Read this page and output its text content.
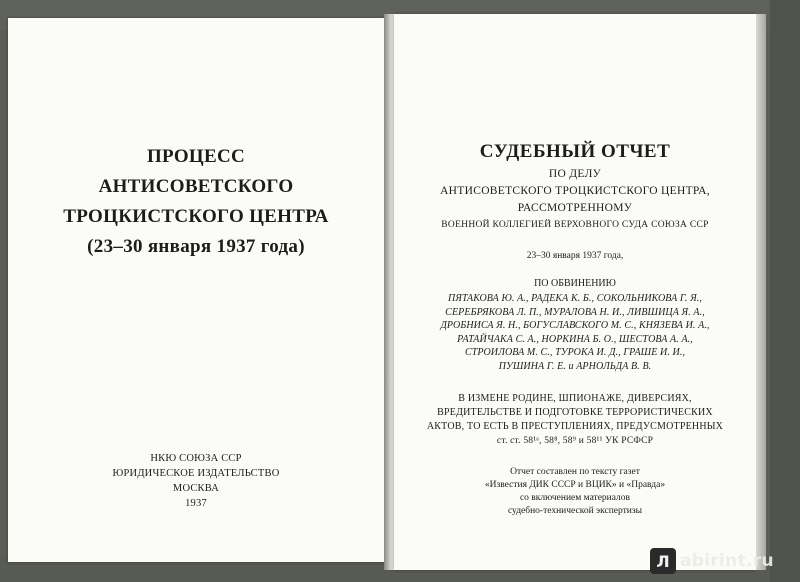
ПРОЦЕСС
АНТИСОВЕТСКОГО
ТРОЦКИСТСКОГО ЦЕНТРА
(23–30 января 1937 года)
НКЮ СОЮЗА ССР
ЮРИДИЧЕСКОЕ ИЗДАТЕЛЬСТВО
МОСКВА
1937
СУДЕБНЫЙ ОТЧЕТ
ПО ДЕЛУ
АНТИСОВЕТСКОГО ТРОЦКИСТСКОГО ЦЕНТРА,
РАССМОТРЕННОМУ
ВОЕННОЙ КОЛЛЕГИЕЙ ВЕРХОВНОГО СУДА СОЮЗА ССР
23–30 января 1937 года,
ПО ОБВИНЕНИЮ
ПЯТАКОВА Ю. А., РАДЕКА К. Б., СОКОЛЬНИКОВА Г. Я.,
СЕРЕБРЯКОВА Л. П., МУРАЛОВА Н. И., ЛИВШИЦА Я. А.,
ДРОБНИСА Я. Н., БОГУСЛАВСКОГО М. С., КНЯЗЕВА И. А.,
РАТАЙЧАКА С. А., НОРКИНА Б. О., ШЕСТОВА А. А.,
СТРОИЛОВА М. С., ТУРОКА И. Д., ГРАШЕ И. И.,
ПУШИНА Г. Е. и АРНОЛЬДА В. В.
В ИЗМЕНЕ РОДИНЕ, ШПИОНАЖЕ, ДИВЕРСИЯХ,
ВРЕДИТЕЛЬСТВЕ И ПОДГОТОВКЕ ТЕРРОРИСТИЧЕСКИХ
АКТОВ, ТО ЕСТЬ В ПРЕСТУПЛЕНИЯХ, ПРЕДУСМОТРЕННЫХ
ст. ст. 58¹ᵃ, 58⁸, 58⁹ и 58¹¹ УК РСФСР
Отчет составлен по тексту газет
«Известия ДИК СССР и ВЦИК» и «Правда»
со включением материалов
судебно-технической экспертизы
Л abirint.ru
